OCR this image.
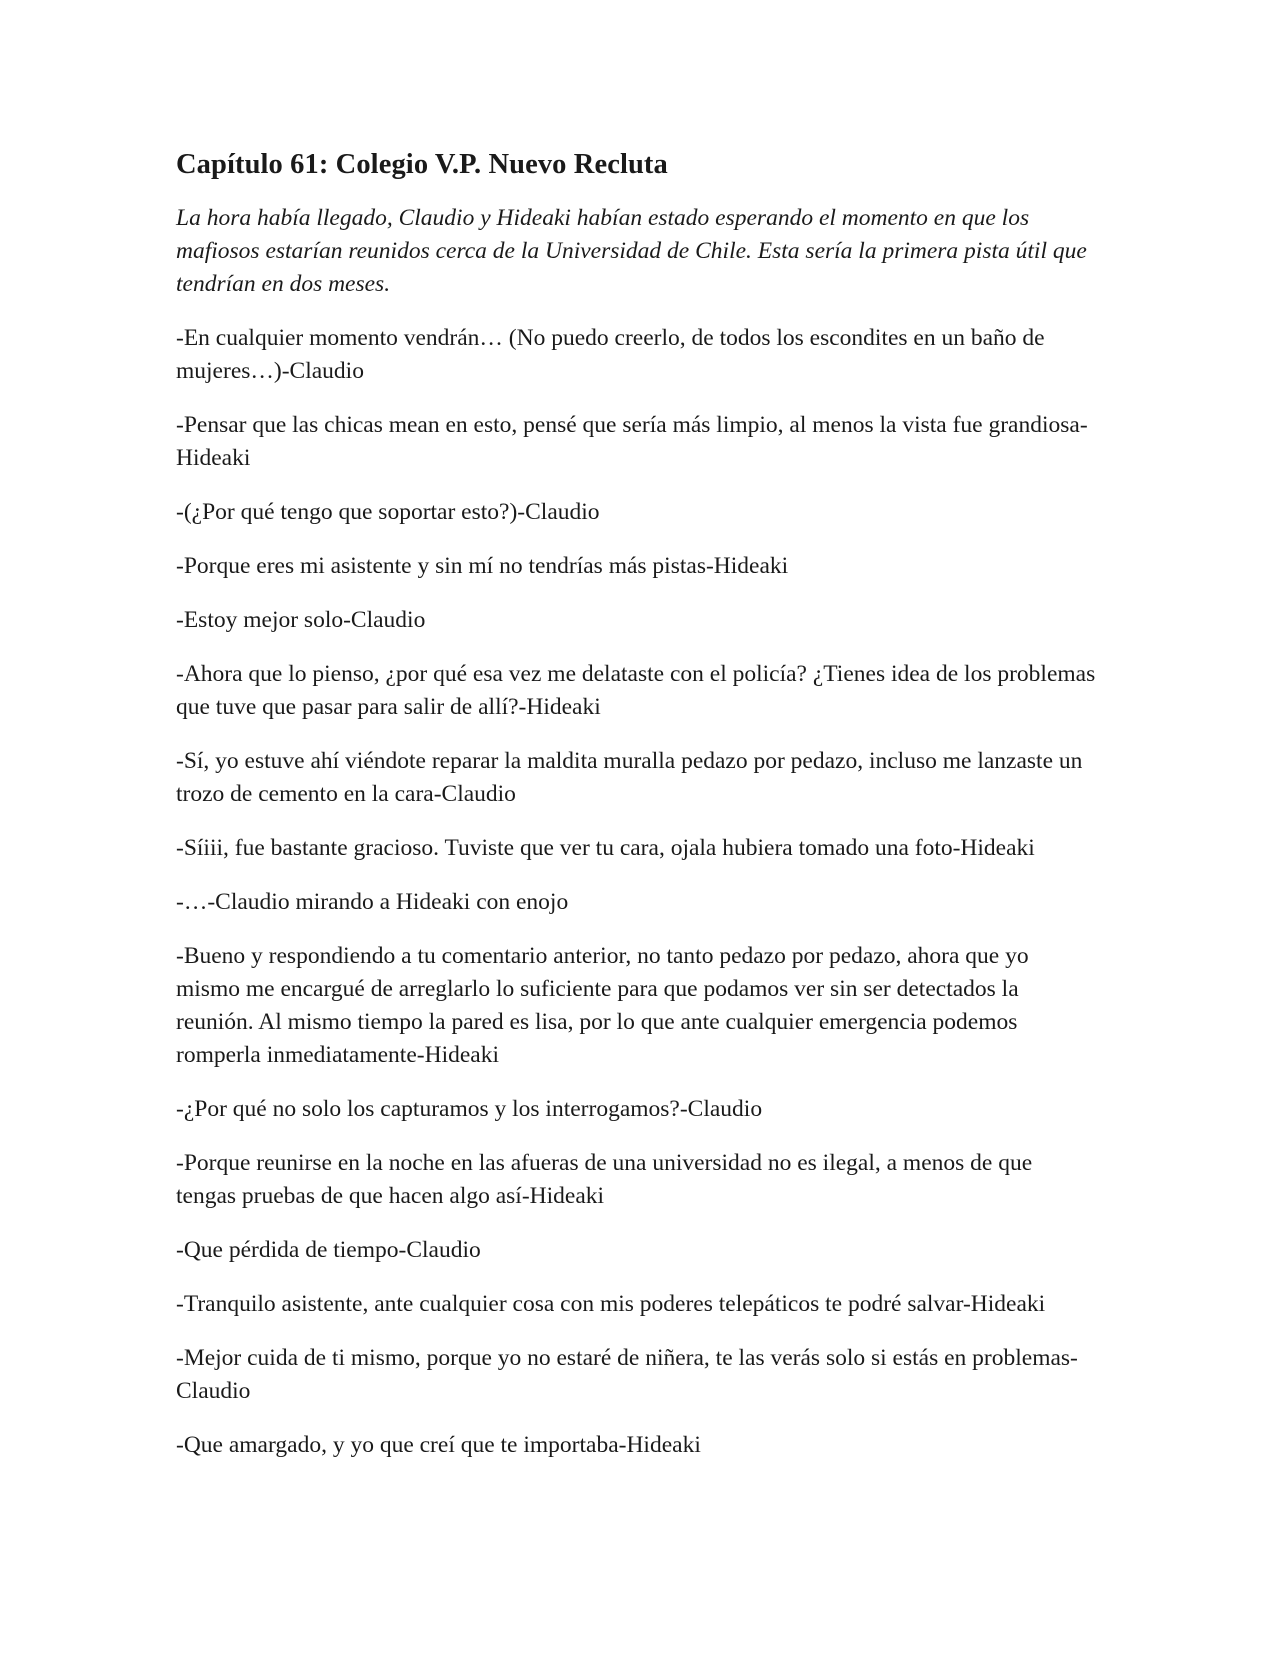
Capítulo 61: Colegio V.P. Nuevo Recluta

La hora había llegado, Claudio y Hideaki habían estado esperando el momento en que los mafiosos estarían reunidos cerca de la Universidad de Chile. Esta sería la primera pista útil que tendrían en dos meses.

-En cualquier momento vendrán… (No puedo creerlo, de todos los escondites en un baño de mujeres…)-Claudio

-Pensar que las chicas mean en esto, pensé que sería más limpio, al menos la vista fue grandiosa-Hideaki

-(¿Por qué tengo que soportar esto?)-Claudio

-Porque eres mi asistente y sin mí no tendrías más pistas-Hideaki

-Estoy mejor solo-Claudio

-Ahora que lo pienso, ¿por qué esa vez me delataste con el policía? ¿Tienes idea de los problemas que tuve que pasar para salir de allí?-Hideaki

-Sí, yo estuve ahí viéndote reparar la maldita muralla pedazo por pedazo, incluso me lanzaste un trozo de cemento en la cara-Claudio

-Síiii, fue bastante gracioso. Tuviste que ver tu cara, ojala hubiera tomado una foto-Hideaki

-…-Claudio mirando a Hideaki con enojo

-Bueno y respondiendo a tu comentario anterior, no tanto pedazo por pedazo, ahora que yo mismo me encargué de arreglarlo lo suficiente para que podamos ver sin ser detectados la reunión. Al mismo tiempo la pared es lisa, por lo que ante cualquier emergencia podemos romperla inmediatamente-Hideaki

-¿Por qué no solo los capturamos y los interrogamos?-Claudio

-Porque reunirse en la noche en las afueras de una universidad no es ilegal, a menos de que tengas pruebas de que hacen algo así-Hideaki

-Que pérdida de tiempo-Claudio

-Tranquilo asistente, ante cualquier cosa con mis poderes telepáticos te podré salvar-Hideaki

-Mejor cuida de ti mismo, porque yo no estaré de niñera, te las verás solo si estás en problemas-Claudio

-Que amargado, y yo que creí que te importaba-Hideaki
